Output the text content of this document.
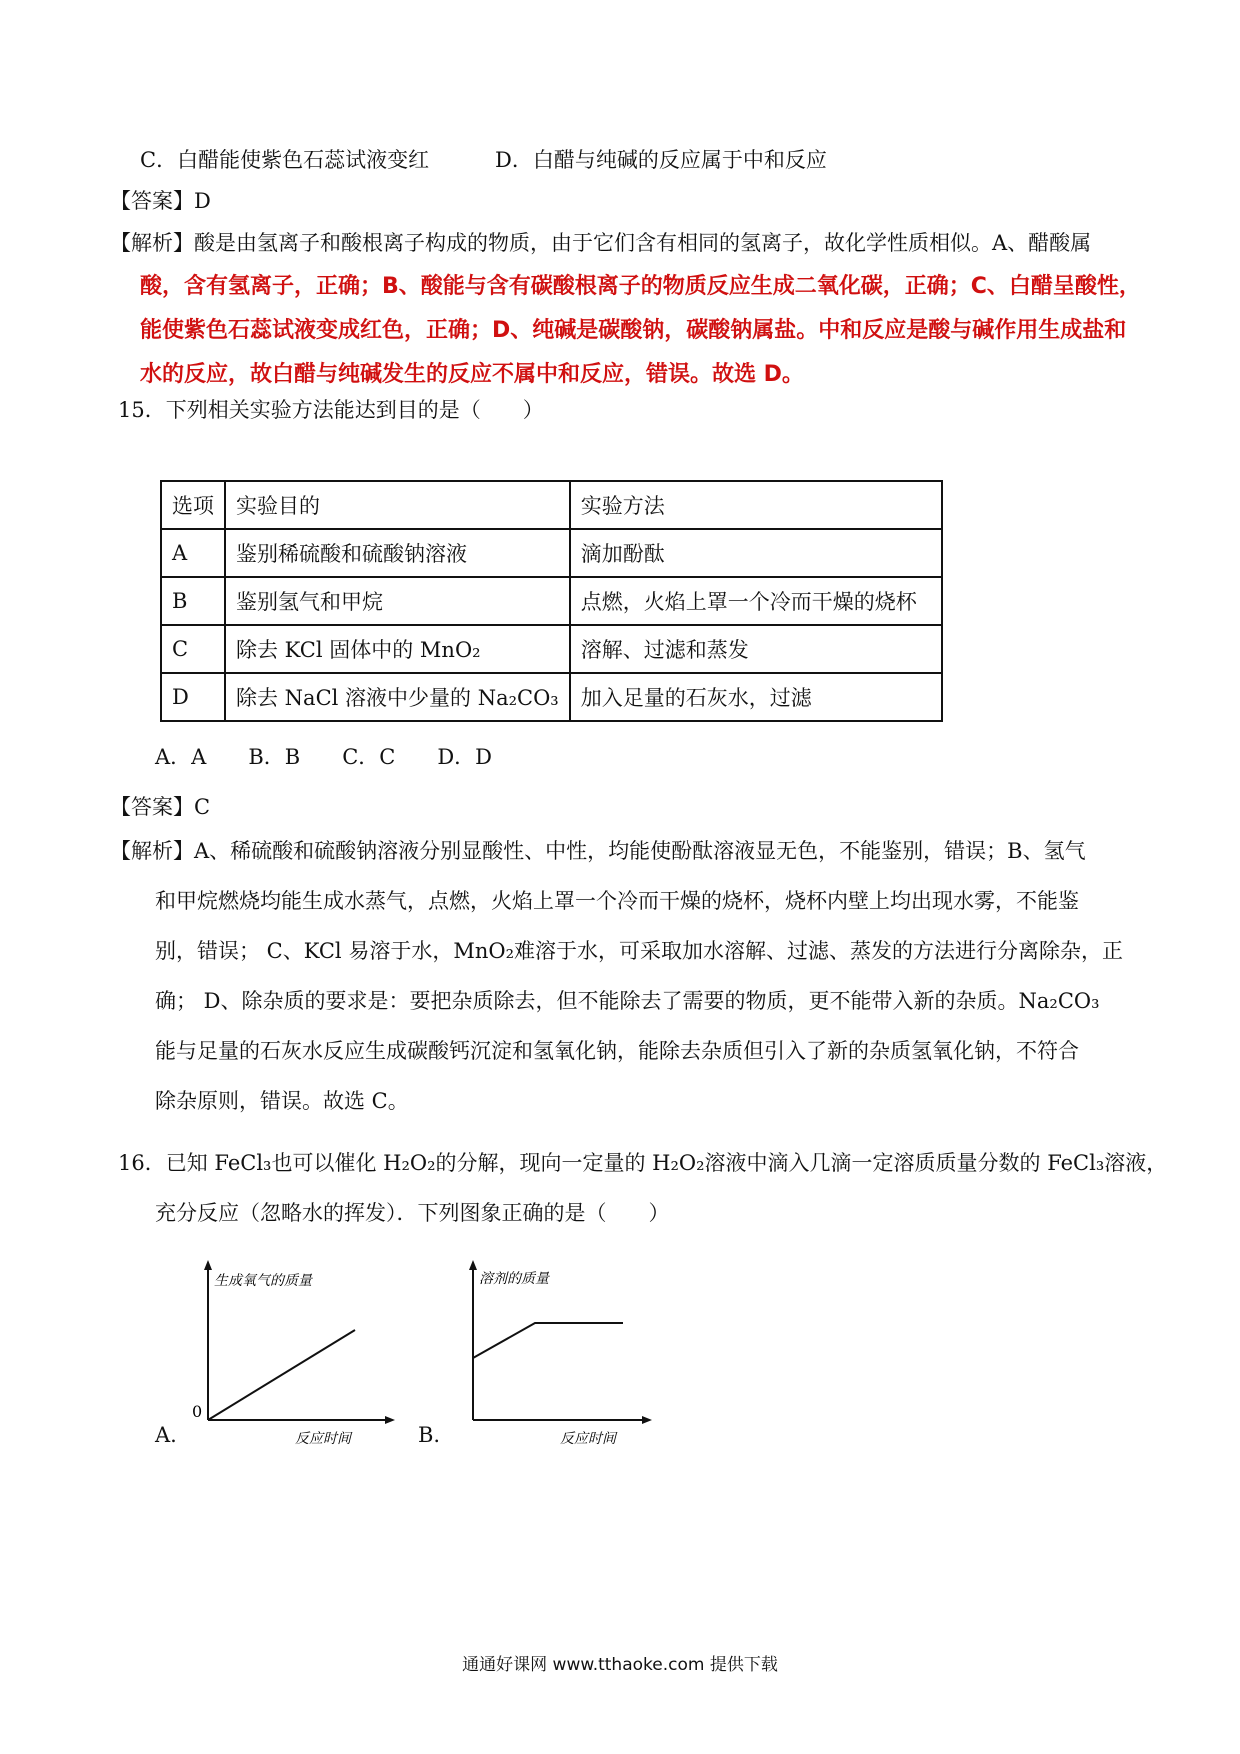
C．白醋能使紫色石蕊试液变红	D．白醋与纯碱的反应属于中和反应
【答案】D
【解析】酸是由氢离子和酸根离子构成的物质，由于它们含有相同的氢离子，故化学性质相似。A、醋酸属
酸，含有氢离子，正确；B、酸能与含有碳酸根离子的物质反应生成二氧化碳，正确；C、白醋呈酸性，
能使紫色石蕊试液变成红色，正确；D、纯碱是碳酸钠，碳酸钠属盐。中和反应是酸与碱作用生成盐和
水的反应，故白醋与纯碱发生的反应不属中和反应，错误。故选 D。
15．下列相关实验方法能达到目的是（　　）
选项	实验目的	实验方法
A	鉴别稀硫酸和硫酸钠溶液	滴加酚酞
B	鉴别氢气和甲烷	点燃，火焰上罩一个冷而干燥的烧杯
C	除去 KCl 固体中的 MnO₂	溶解、过滤和蒸发
D	除去 NaCl 溶液中少量的 Na₂CO₃	加入足量的石灰水，过滤
A．A　　B．B　　C．C　　D．D
【答案】C
【解析】A、稀硫酸和硫酸钠溶液分别显酸性、中性，均能使酚酞溶液显无色，不能鉴别，错误；B、氢气
和甲烷燃烧均能生成水蒸气，点燃，火焰上罩一个冷而干燥的烧杯，烧杯内壁上均出现水雾，不能鉴
别，错误； C、KCl 易溶于水，MnO₂难溶于水，可采取加水溶解、过滤、蒸发的方法进行分离除杂，正
确； D、除杂质的要求是：要把杂质除去，但不能除去了需要的物质，更不能带入新的杂质。Na₂CO₃
能与足量的石灰水反应生成碳酸钙沉淀和氢氧化钠，能除去杂质但引入了新的杂质氢氧化钠，不符合
除杂原则，错误。故选 C。
16．已知 FeCl₃也可以催化 H₂O₂的分解，现向一定量的 H₂O₂溶液中滴入几滴一定溶质质量分数的 FeCl₃溶液，
充分反应（忽略水的挥发）．下列图象正确的是（　　）
A.
生成氧气的质量
0
反应时间	B.
溶剂的质量
反应时间
通通好课网 www.tthaoke.com 提供下载
